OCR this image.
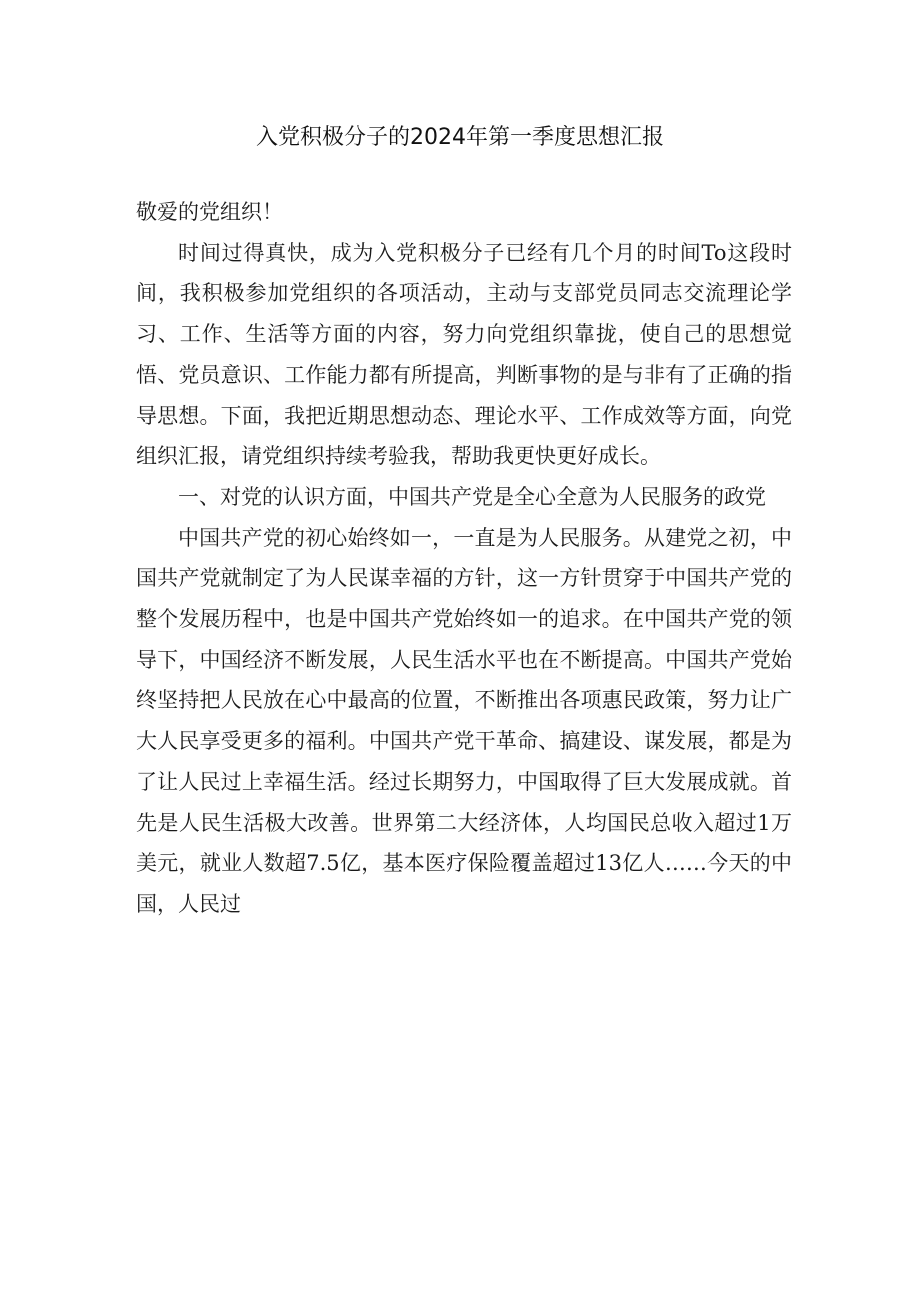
入党积极分子的2024年第一季度思想汇报

敬爱的党组织！

时间过得真快，成为入党积极分子已经有几个月的时间To这段时间，我积极参加党组织的各项活动，主动与支部党员同志交流理论学习、工作、生活等方面的内容，努力向党组织靠拢，使自己的思想觉悟、党员意识、工作能力都有所提高，判断事物的是与非有了正确的指导思想。下面，我把近期思想动态、理论水平、工作成效等方面，向党组织汇报，请党组织持续考验我，帮助我更快更好成长。

一、对党的认识方面，中国共产党是全心全意为人民服务的政党

中国共产党的初心始终如一，一直是为人民服务。从建党之初，中国共产党就制定了为人民谋幸福的方针，这一方针贯穿于中国共产党的整个发展历程中，也是中国共产党始终如一的追求。在中国共产党的领导下，中国经济不断发展，人民生活水平也在不断提高。中国共产党始终坚持把人民放在心中最高的位置，不断推出各项惠民政策，努力让广大人民享受更多的福利。中国共产党干革命、搞建设、谋发展，都是为了让人民过上幸福生活。经过长期努力，中国取得了巨大发展成就。首先是人民生活极大改善。世界第二大经济体，人均国民总收入超过1万美元，就业人数超7.5亿，基本医疗保险覆盖超过13亿人……今天的中国，人民过
